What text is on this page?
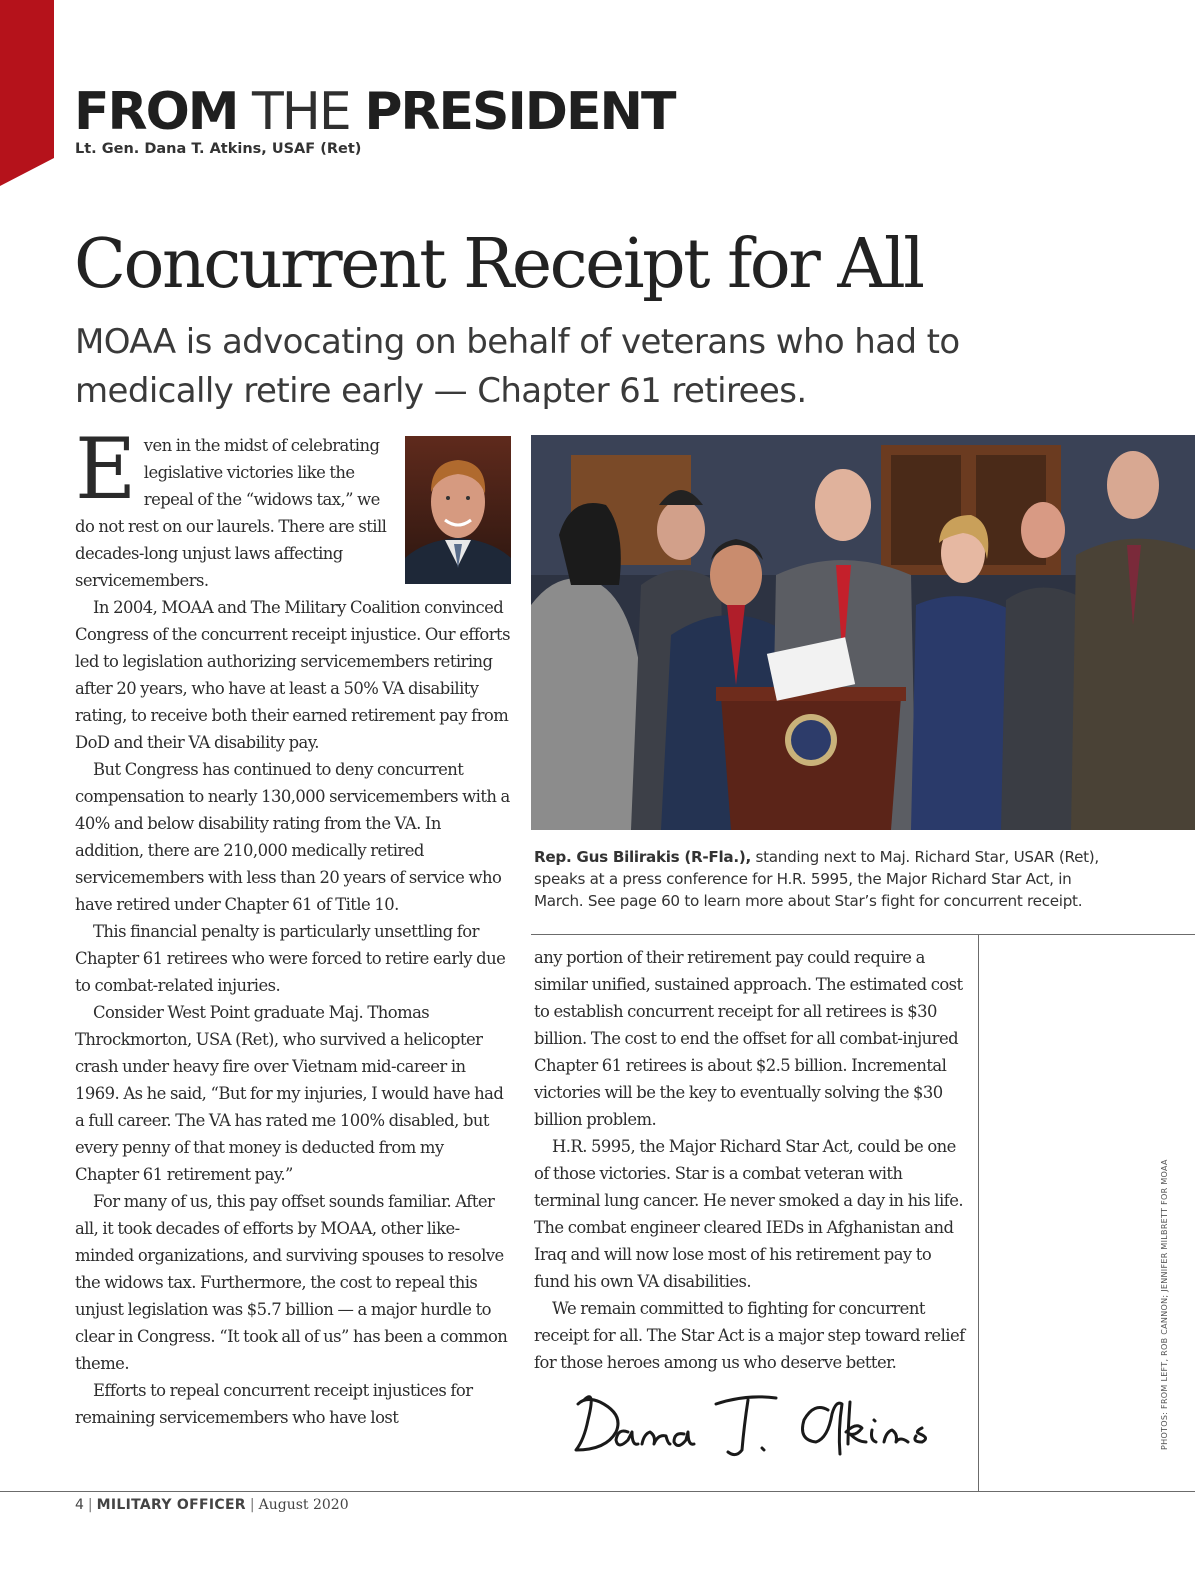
FROM THE PRESIDENT
Lt. Gen. Dana T. Atkins, USAF (Ret)
Concurrent Receipt for All
MOAA is advocating on behalf of veterans who had to medically retire early — Chapter 61 retirees.

Even in the midst of celebrating legislative victories like the repeal of the “widows tax,” we do not rest on our laurels. There are still decades-long unjust laws affecting servicemembers.

In 2004, MOAA and The Military Coalition convinced Congress of the concurrent receipt injustice. Our efforts led to legislation authorizing servicemembers retiring after 20 years, who have at least a 50% VA disability rating, to receive both their earned retirement pay from DoD and their VA disability pay.

But Congress has continued to deny concurrent compensation to nearly 130,000 servicemembers with a 40% and below disability rating from the VA. In addition, there are 210,000 medically retired servicemembers with less than 20 years of service who have retired under Chapter 61 of Title 10.

This financial penalty is particularly unsettling for Chapter 61 retirees who were forced to retire early due to combat-related injuries.

Consider West Point graduate Maj. Thomas Throckmorton, USA (Ret), who survived a helicopter crash under heavy fire over Vietnam mid-career in 1969. As he said, “But for my injuries, I would have had a full career. The VA has rated me 100% disabled, but every penny of that money is deducted from my Chapter 61 retirement pay.”

For many of us, this pay offset sounds familiar. After all, it took decades of efforts by MOAA, other like-minded organizations, and surviving spouses to resolve the widows tax. Furthermore, the cost to repeal this unjust legislation was $5.7 billion — a major hurdle to clear in Congress. “It took all of us” has been a common theme.

Efforts to repeal concurrent receipt injustices for remaining servicemembers who have lost

Rep. Gus Bilirakis (R-Fla.), standing next to Maj. Richard Star, USAR (Ret), speaks at a press conference for H.R. 5995, the Major Richard Star Act, in March. See page 60 to learn more about Star’s fight for concurrent receipt.

any portion of their retirement pay could require a similar unified, sustained approach. The estimated cost to establish concurrent receipt for all retirees is $30 billion. The cost to end the offset for all combat-injured Chapter 61 retirees is about $2.5 billion. Incremental victories will be the key to eventually solving the $30 billion problem.

H.R. 5995, the Major Richard Star Act, could be one of those victories. Star is a combat veteran with terminal lung cancer. He never smoked a day in his life. The combat engineer cleared IEDs in Afghanistan and Iraq and will now lose most of his retirement pay to fund his own VA disabilities.

We remain committed to fighting for concurrent receipt for all. The Star Act is a major step toward relief for those heroes among us who deserve better.

Dana T. Atkins
PHOTOS: FROM LEFT, ROB CANNON; JENNIFER MILBRETT FOR MOAA
4 | MILITARY OFFICER | August 2020
